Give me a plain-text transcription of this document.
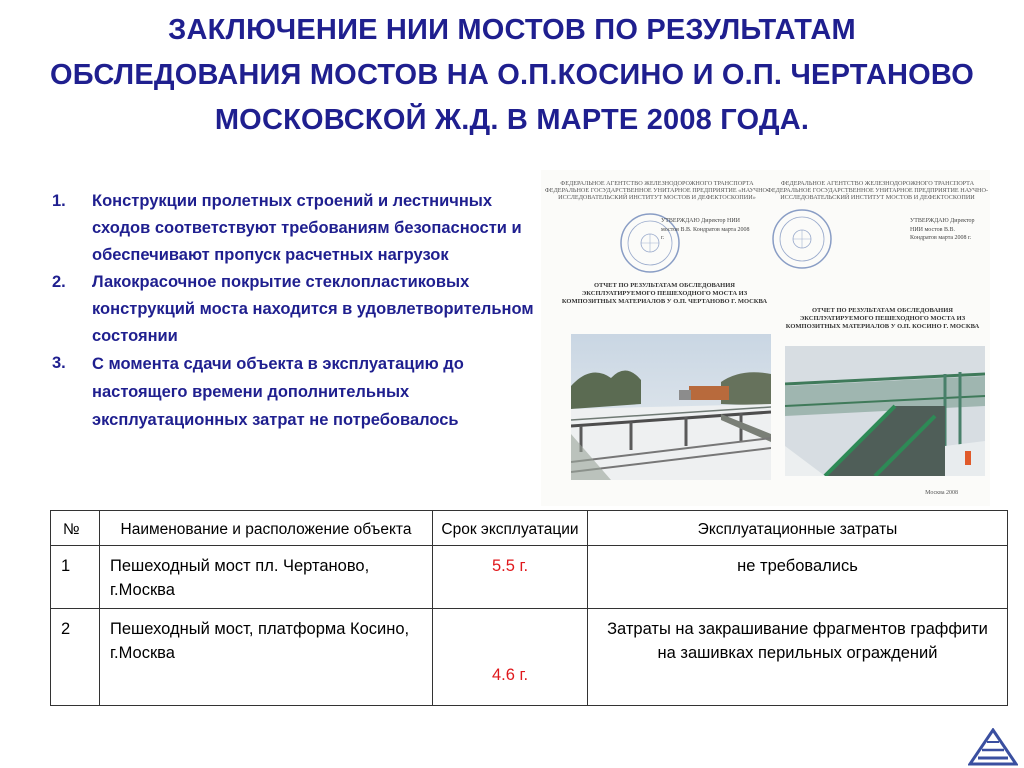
ЗАКЛЮЧЕНИЕ НИИ МОСТОВ ПО РЕЗУЛЬТАТАМ ОБСЛЕДОВАНИЯ МОСТОВ НА О.П.КОСИНО И О.П. ЧЕРТАНОВО МОСКОВСКОЙ Ж.Д. В МАРТЕ 2008 ГОДА.
1.	Конструкции пролетных строений и лестничных сходов соответствуют требованиям безопасности и обеспечивают пропуск расчетных нагрузок
2.	Лакокрасочное покрытие стеклопластиковых конструкций моста находится в удовлетворительном состоянии
3.	С момента сдачи объекта в эксплуатацию до настоящего времени дополнительных эксплуатационных затрат не потребовалось
ФЕДЕРАЛЬНОЕ АГЕНТСТВО ЖЕЛЕЗНОДОРОЖНОГО ТРАНСПОРТА ФЕДЕРАЛЬНОЕ ГОСУДАРСТВЕННОЕ УНИТАРНОЕ ПРЕДПРИЯТИЕ «НАУЧНО-ИССЛЕДОВАТЕЛЬСКИЙ ИНСТИТУТ МОСТОВ И ДЕФЕКТОСКОПИИ»
УТВЕРЖДАЮ Директор НИИ мостов В.В. Кондратов марта 2008 г.
ОТЧЕТ ПО РЕЗУЛЬТАТАМ ОБСЛЕДОВАНИЯ ЭКСПЛУАТИРУЕМОГО ПЕШЕХОДНОГО МОСТА ИЗ КОМПОЗИТНЫХ МАТЕРИАЛОВ У О.П. ЧЕРТАНОВО Г. МОСКВА
ФЕДЕРАЛЬНОЕ АГЕНТСТВО ЖЕЛЕЗНОДОРОЖНОГО ТРАНСПОРТА ФЕДЕРАЛЬНОЕ ГОСУДАРСТВЕННОЕ УНИТАРНОЕ ПРЕДПРИЯТИЕ НАУЧНО-ИССЛЕДОВАТЕЛЬСКИЙ ИНСТИТУТ МОСТОВ И ДЕФЕКТОСКОПИИ
УТВЕРЖДАЮ Директор НИИ мостов В.В. Кондратов марта 2008 г.
ОТЧЕТ ПО РЕЗУЛЬТАТАМ ОБСЛЕДОВАНИЯ ЭКСПЛУАТИРУЕМОГО ПЕШЕХОДНОГО МОСТА ИЗ КОМПОЗИТНЫХ МАТЕРИАЛОВ У О.П. КОСИНО Г. МОСКВА
Москва 2008
№	Наименование и расположение объекта	Срок эксплуатации	Эксплуатационные затраты
1	Пешеходный мост пл. Чертаново, г.Москва	5.5 г.	не требовались
2	Пешеходный мост, платформа Косино, г.Москва	4.6 г.	Затраты на закрашивание фрагментов граффити на зашивках перильных ограждений
